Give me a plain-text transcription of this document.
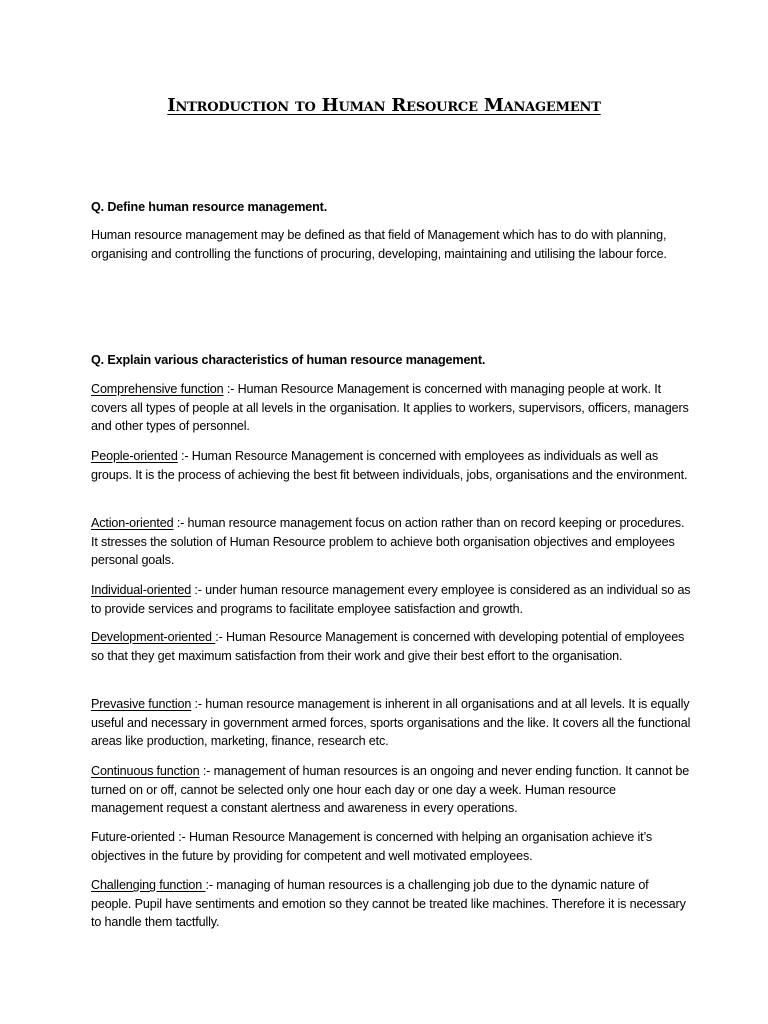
Introduction to Human Resource Management

Q. Define human resource management.

Human resource management may be defined as that field of Management which has to do with planning, organising and controlling the functions of procuring, developing, maintaining and utilising the labour force.

Q. Explain various characteristics of human resource management.

Comprehensive function :- Human Resource Management is concerned with managing people at work. It covers all types of people at all levels in the organisation. It applies to workers, supervisors, officers, managers and other types of personnel.

People-oriented :- Human Resource Management is concerned with employees as individuals as well as groups. It is the process of achieving the best fit between individuals, jobs, organisations and the environment.

Action-oriented :- human resource management focus on action rather than on record keeping or procedures. It stresses the solution of Human Resource problem to achieve both organisation objectives and employees personal goals.

Individual-oriented :- under human resource management every employee is considered as an individual so as to provide services and programs to facilitate employee satisfaction and growth.

Development-oriented :- Human Resource Management is concerned with developing potential of employees so that they get maximum satisfaction from their work and give their best effort to the organisation.

Prevasive function :- human resource management is inherent in all organisations and at all levels. It is equally useful and necessary in government armed forces, sports organisations and the like. It covers all the functional areas like production, marketing, finance, research etc.

Continuous function :- management of human resources is an ongoing and never ending function. It cannot be turned on or off, cannot be selected only one hour each day or one day a week. Human resource management request a constant alertness and awareness in every operations.

Future-oriented :- Human Resource Management is concerned with helping an organisation achieve it’s objectives in the future by providing for competent and well motivated employees.

Challenging function :- managing of human resources is a challenging job due to the dynamic nature of people. Pupil have sentiments and emotion so they cannot be treated like machines. Therefore it is necessary to handle them tactfully.
